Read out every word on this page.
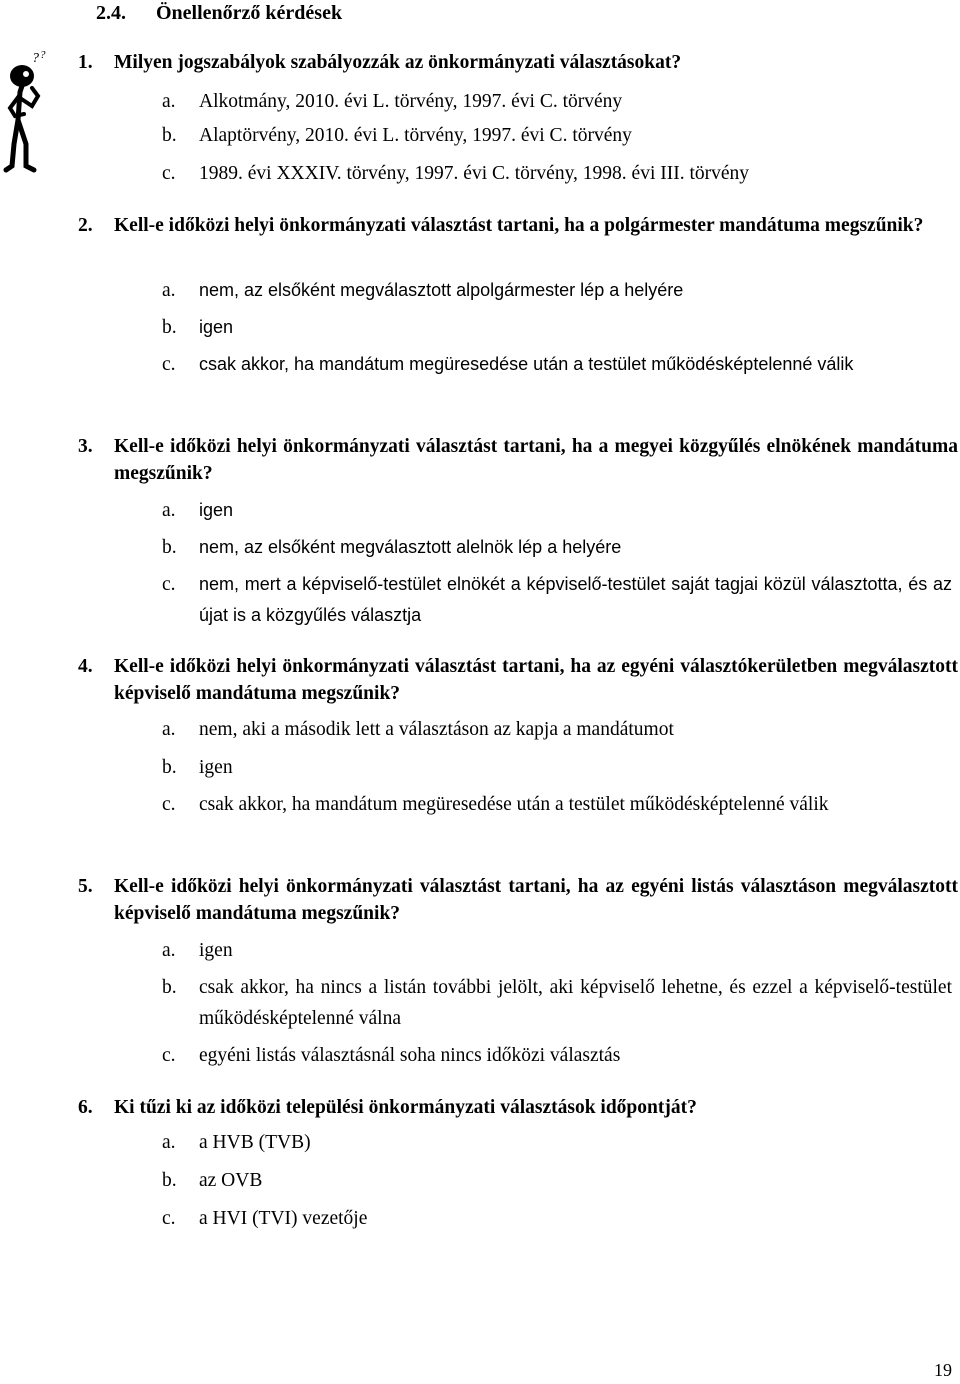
2.4. Önellenőrző kérdések
? ? 1.	Milyen jogszabályok szabályozzák az önkormányzati választásokat?
a.	Alkotmány, 2010. évi L. törvény, 1997. évi C. törvény
b.	Alaptörvény, 2010. évi L. törvény, 1997. évi C. törvény
c.	1989. évi XXXIV. törvény, 1997. évi C. törvény, 1998. évi III. törvény
2.	Kell-e időközi helyi önkormányzati választást tartani, ha a polgármester mandátuma megszűnik?
a.	nem, az elsőként megválasztott alpolgármester lép a helyére
b.	igen
c.	csak akkor, ha mandátum megüresedése után a testület működésképtelenné válik
3.	Kell-e időközi helyi önkormányzati választást tartani, ha a megyei közgyűlés elnökének mandátuma megszűnik?
a.	igen
b.	nem, az elsőként megválasztott alelnök lép a helyére
c.	nem, mert a képviselő-testület elnökét a képviselő-testület saját tagjai közül választotta, és az újat is a közgyűlés választja
4.	Kell-e időközi helyi önkormányzati választást tartani, ha az egyéni választókerületben megválasztott képviselő mandátuma megszűnik?
a.	nem, aki a második lett a választáson az kapja a mandátumot
b.	igen
c.	csak akkor, ha mandátum megüresedése után a testület működésképtelenné válik
5.	Kell-e időközi helyi önkormányzati választást tartani, ha az egyéni listás választáson megválasztott képviselő mandátuma megszűnik?
a.	igen
b.	csak akkor, ha nincs a listán további jelölt, aki képviselő lehetne, és ezzel a képviselő-testület működésképtelenné válna
c.	egyéni listás választásnál soha nincs időközi választás
6.	Ki tűzi ki az időközi települési önkormányzati választások időpontját?
a.	a HVB (TVB)
b.	az OVB
c.	a HVI (TVI) vezetője
19
